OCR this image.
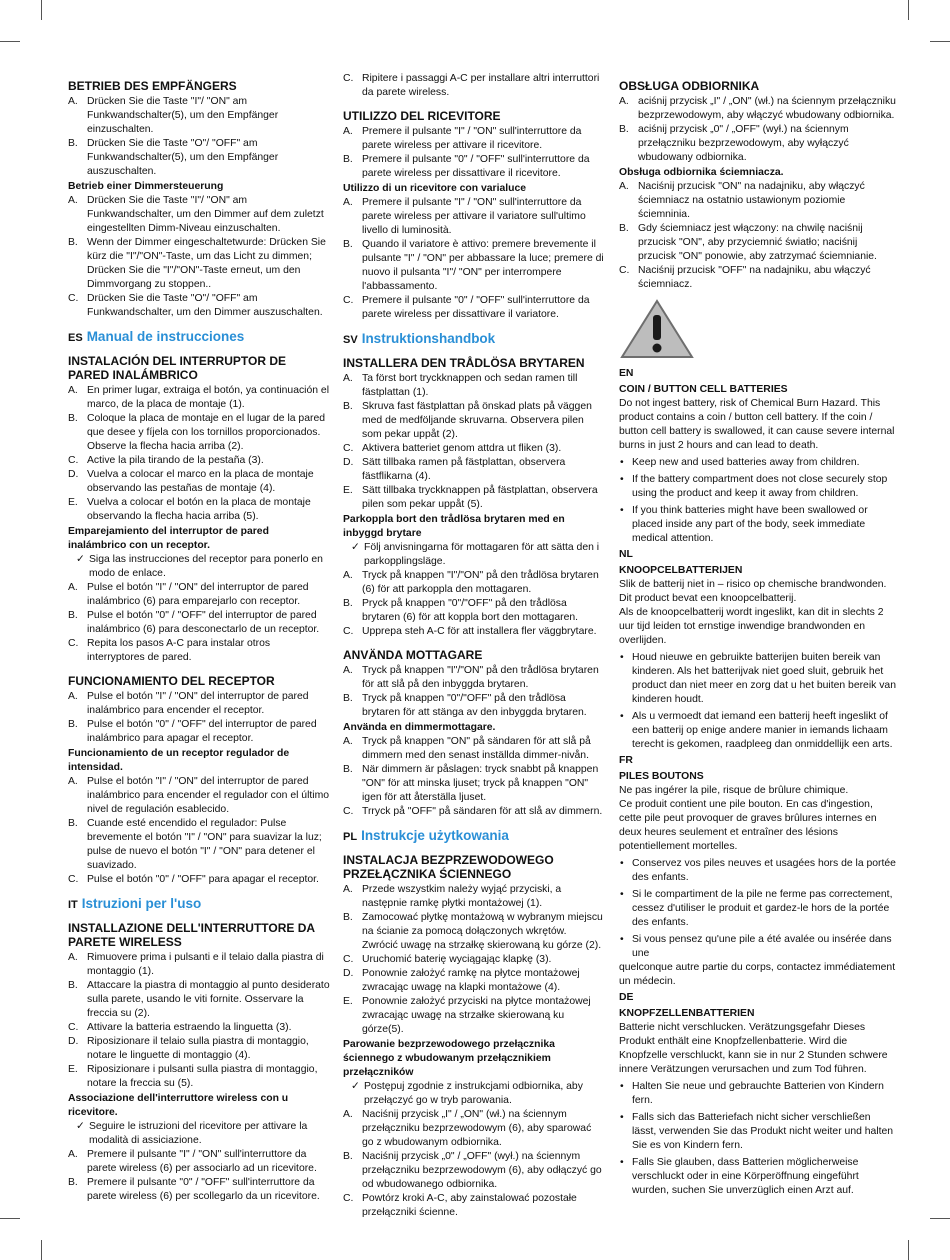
BETRIEB DES EMPFÄNGERS
A. Drücken Sie die Taste "I"/ "ON" am Funkwandschalter(5), um den Empfänger einzuschalten.
B. Drücken Sie die Taste "O"/ "OFF" am Funkwandschalter(5), um den Empfänger auszuschalten.
Betrieb einer Dimmersteuerung
A. Drücken Sie die Taste "I"/ "ON" am Funkwandschalter, um den Dimmer auf dem zuletzt eingestellten Dimm-Niveau einzuschalten.
B. Wenn der Dimmer eingeschaltetwurde: Drücken Sie kürz die "I"/"ON"-Taste, um das Licht zu dimmen; Drücken Sie die "I"/"ON"-Taste erneut, um den Dimmvorgang zu stoppen..
C. Drücken Sie die Taste "O"/ "OFF" am Funkwandschalter, um den Dimmer auszuschalten.
ES Manual de instrucciones
INSTALACIÓN DEL INTERRUPTOR DE PARED INALÁMBRICO
A. En primer lugar, extraiga el botón, ya continuación el marco, de la placa de montaje (1).
B. Coloque la placa de montaje en el lugar de la pared que desee y fíjela con los tornillos proporcionados. Observe la flecha hacia arriba (2).
C. Active la pila tirando de la pestaña (3).
D. Vuelva a colocar el marco en la placa de montaje observando las pestañas de montaje (4).
E. Vuelva a colocar el botón en la placa de montaje observando la flecha hacia arriba (5).
Emparejamiento del interruptor de pared inalámbrico con un receptor.
✓ Siga las instrucciones del receptor para ponerlo en modo de enlace.
A. Pulse el botón "I" / "ON" del interruptor de pared inalámbrico (6) para emparejarlo con receptor.
B. Pulse el botón "0" / "OFF" del interruptor de pared inalámbrico (6) para desconectarlo de un receptor.
C. Repita los pasos A-C para instalar otros interryptores de pared.
FUNCIONAMIENTO DEL RECEPTOR
A. Pulse el botón "I" / "ON" del interruptor de pared inalámbrico para encender el receptor.
B. Pulse el botón "0" / "OFF" del interruptor de pared inalámbrico para apagar el receptor.
Funcionamiento de un receptor regulador de intensidad.
A. Pulse el botón "I" / "ON" del interruptor de pared inalámbrico para encender el regulador con el último nivel de regulación esablecido.
B. Cuande esté encendido el regulador: Pulse brevemente el botón "I" / "ON" para suavizar la luz; pulse de nuevo el botón "I" / "ON" para detener el suavizado.
C. Pulse el botón "0" / "OFF" para apagar el receptor.
IT Istruzioni per l'uso
INSTALLAZIONE DELL'INTERRUTTORE DA PARETE WIRELESS
A. Rimuovere prima i pulsanti e il telaio dalla piastra di montaggio (1).
B. Attaccare la piastra di montaggio al punto desiderato sulla parete, usando le viti fornite. Osservare la freccia su (2).
C. Attivare la batteria estraendo la linguetta (3).
D. Riposizionare il telaio sulla piastra di montaggio, notare le linguette di montaggio (4).
E. Riposizionare i pulsanti sulla piastra di montaggio, notare la freccia su (5).
Associazione dell'interruttore wireless con u ricevitore.
✓ Seguire le istruzioni del ricevitore per attivare la modalità di assiciazione.
A. Premere il pulsante "I" / "ON" sull'interruttore da parete wireless (6) per associarlo ad un ricevitore.
B. Premere il pulsante "0" / "OFF" sull'interruttore da parete wireless (6) per scollegarlo da un ricevitore.
C. Ripitere i passaggi A-C per installare altri interruttori da parete wireless.
UTILIZZO DEL RICEVITORE
A. Premere il pulsante "I" / "ON" sull'interruttore da parete wireless per attivare il ricevitore.
B. Premere il pulsante "0" / "OFF" sull'interruttore da parete wireless per dissattivare il ricevitore.
Utilizzo di un ricevitore con varialuce
A. Premere il pulsante "I" / "ON" sull'interruttore da parete wireless per attivare il variatore sull'ultimo livello di luminosità.
B. Quando il variatore è attivo: premere brevemente il pulsante "I" / "ON" per abbassare la luce; premere di nuovo il pulsanta "I"/ "ON" per interrompere l'abbassamento.
C. Premere il pulsante "0" / "OFF" sull'interruttore da parete wireless per dissattivare il variatore.
SV Instruktionshandbok
INSTALLERA DEN TRÅDLÖSA BRYTAREN
A. Ta först bort tryckknappen och sedan ramen till fästplattan (1).
B. Skruva fast fästplattan på önskad plats på väggen med de medföljande skruvarna. Observera pilen som pekar uppåt (2).
C. Aktivera batteriet genom attdra ut fliken (3).
D. Sätt tillbaka ramen på fästplattan, observera fästflikarna (4).
E. Sätt tillbaka tryckknappen på fästplattan, observera pilen som pekar uppåt (5).
Parkoppla bort den trådlösa brytaren med en inbyggd brytare
✓ Följ anvisningarna för mottagaren för att sätta den i parkopplingsläge.
A. Tryck på knappen "I"/"ON" på den trådlösa brytaren (6) för att parkoppla den mottagaren.
B. Pryck på knappen "0"/"OFF" på den trådlösa brytaren (6) för att koppla bort den mottagaren.
C. Upprepa steh A-C för att installera fler väggbrytare.
ANVÄNDA MOTTAGARE
A. Tryck på knappen "I"/"ON" på den trådlösa brytaren för att slå på den inbyggda brytaren.
B. Tryck på knappen "0"/"OFF" på den trådlösa brytaren för att stänga av den inbyggda brytaren.
Använda en dimmermottagare.
A. Tryck på knappen "ON" på sändaren för att slå på dimmern med den senast inställda dimmer-nivån.
B. När dimmern är påslagen: tryck snabbt på knappen "ON" för att minska ljuset; tryck på knappen "ON" igen för att återställa ljuset.
C. Trryck på "OFF" på sändaren för att slå av dimmern.
PL Instrukcje użytkowania
INSTALACJA BEZPRZEWODOWEGO PRZEŁĄCZNIKA ŚCIENNEGO
A. Przede wszystkim należy wyjąć przyciski, a następnie ramkę płytki montażowej (1).
B. Zamocować płytkę montażową w wybranym miejscu na ścianie za pomocą dołączonych wkrętów. Zwrócić uwagę na strzałkę skierowaną ku górze (2).
C. Uruchomić baterię wyciągając klapkę (3).
D. Ponownie założyć ramkę na płytce montażowej zwracając uwagę na klapki montażowe (4).
E. Ponownie założyć przyciski na płytce montażowej zwracając uwagę na strzałke skierowaną ku górze(5).
Parowanie bezprzewodowego przełącznika ściennego z wbudowanym przełącznikiem przełączników
✓ Postępuj zgodnie z instrukcjami odbiornika, aby przełączyć go w tryb parowania.
A. Naciśnij przycisk „I" / „ON" (wł.) na ściennym przełączniku bezprzewodowym (6), aby sparować go z wbudowanym odbiornika.
B. Naciśnij przycisk „0" / „OFF" (wył.) na ściennym przełączniku bezprzewodowym (6), aby odłączyć go od wbudowanego odbiornika.
C. Powtórz kroki A-C, aby zainstalować pozostałe przełączniki ścienne.
OBSŁUGA ODBIORNIKA
A. aciśnij przycisk „I" / „ON" (wł.) na ściennym przełączniku bezprzewodowym, aby włączyć wbudowany odbiornika.
B. aciśnij przycisk „0" / „OFF" (wył.) na ściennym przełączniku bezprzewodowym, aby wyłączyć wbudowany odbiornika.
Obsługa odbiornika ściemniacza.
A. Naciśnij przucisk "ON" na nadajniku, aby włączyć ściemniacz na ostatnio ustawionym poziomie ściemninia.
B. Gdy ściemniacz jest włączony: na chwilę naciśnij przucisk "ON", aby przyciemnić światło; naciśnij przucisk "ON" ponowie, aby zatrzymać ściemnianie.
C. Naciśnij przucisk "OFF" na nadajniku, abu włączyć ściemniacz.
EN
COIN / BUTTON CELL BATTERIES
Do not ingest battery, risk of Chemical Burn Hazard. This product contains a coin / button cell battery. If the coin / button cell battery is swallowed, it can cause severe internal burns in just 2 hours and can lead to death.
• Keep new and used batteries away from children.
• If the battery compartment does not close securely stop using the product and keep it away from children.
• If you think batteries might have been swallowed or placed inside any part of the body, seek immediate medical attention.
NL
KNOOPCELBATTERIJEN
Slik de batterij niet in – risico op chemische brandwonden. Dit product bevat een knoopcelbatterij.
Als de knoopcelbatterij wordt ingeslikt, kan dit in slechts 2 uur tijd leiden tot ernstige inwendige brandwonden en overlijden.
• Houd nieuwe en gebruikte batterijen buiten bereik van kinderen. Als het batterijvak niet goed sluit, gebruik het product dan niet meer en zorg dat u het buiten bereik van kinderen houdt.
• Als u vermoedt dat iemand een batterij heeft ingeslikt of een batterij op enige andere manier in iemands lichaam terecht is gekomen, raadpleeg dan onmiddellijk een arts.
FR
PILES BOUTONS
Ne pas ingérer la pile, risque de brûlure chimique.
Ce produit contient une pile bouton. En cas d'ingestion, cette pile peut provoquer de graves brûlures internes en deux heures seulement et entraîner des lésions potentiellement mortelles.
• Conservez vos piles neuves et usagées hors de la portée des enfants.
• Si le compartiment de la pile ne ferme pas correctement, cessez d'utiliser le produit et gardez-le hors de la portée des enfants.
• Si vous pensez qu'une pile a été avalée ou insérée dans une
quelconque autre partie du corps, contactez immédiatement un médecin.
DE
KNOPFZELLENBATTERIEN
Batterie nicht verschlucken. Verätzungsgefahr Dieses Produkt enthält eine Knopfzellenbatterie. Wird die Knopfzelle verschluckt, kann sie in nur 2 Stunden schwere innere Verätzungen verursachen und zum Tod führen.
• Halten Sie neue und gebrauchte Batterien von Kindern fern.
• Falls sich das Batteriefach nicht sicher verschließen lässt, verwenden Sie das Produkt nicht weiter und halten Sie es von Kindern fern.
• Falls Sie glauben, dass Batterien möglicherweise verschluckt oder in eine Körperöffnung eingeführt wurden, suchen Sie unverzüglich einen Arzt auf.
